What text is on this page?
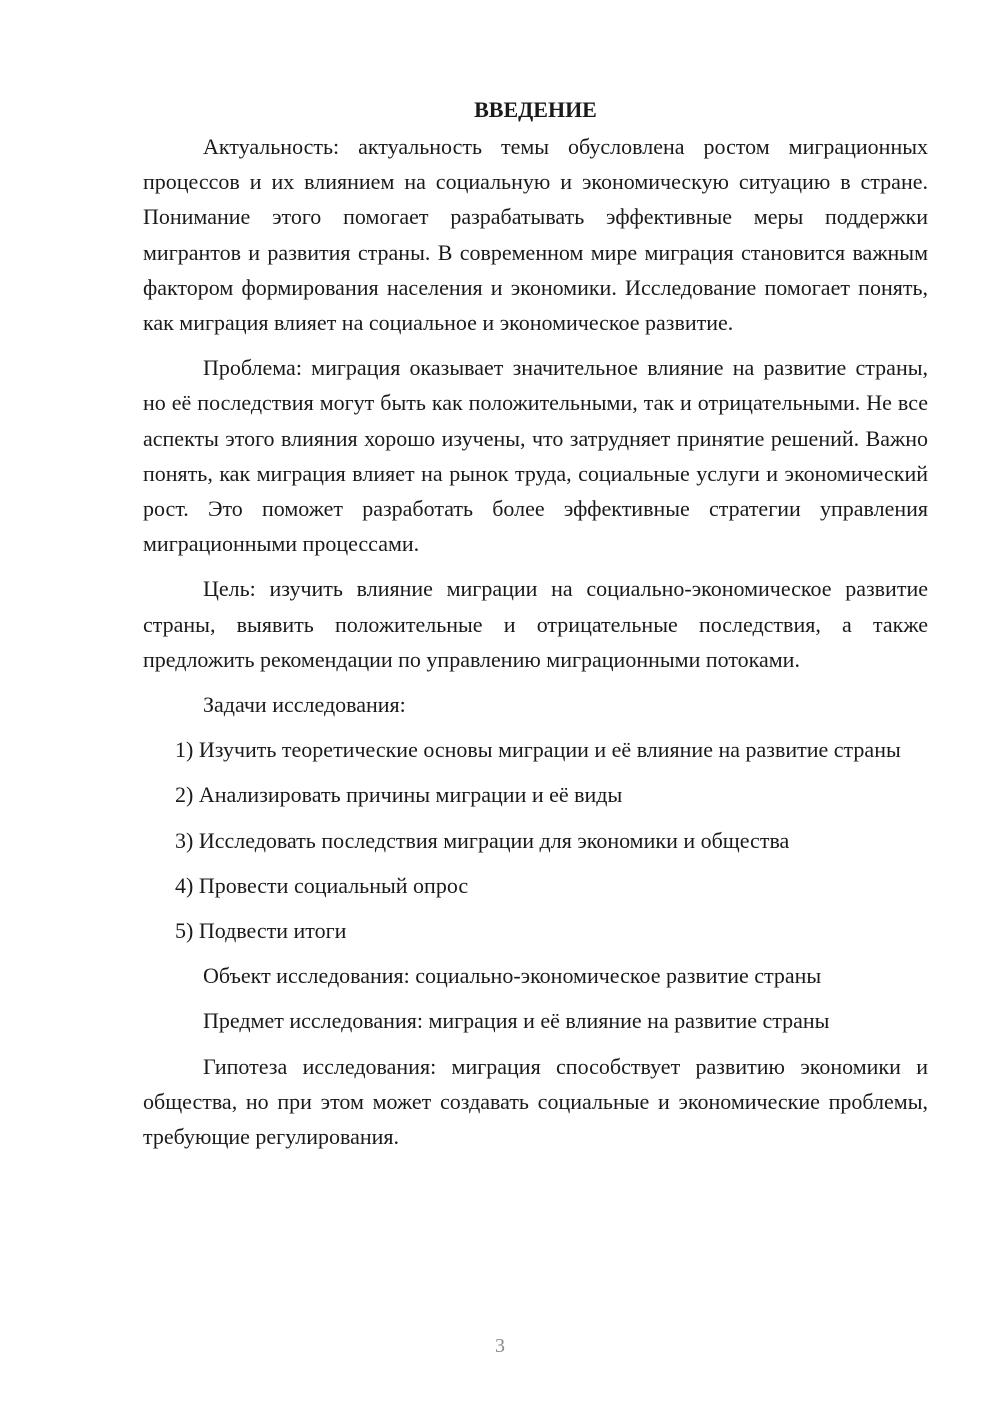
ВВЕДЕНИЕ

Актуальность: актуальность темы обусловлена ростом миграционных процессов и их влиянием на социальную и экономическую ситуацию в стране. Понимание этого помогает разрабатывать эффективные меры поддержки мигрантов и развития страны. В современном мире миграция становится важным фактором формирования населения и экономики. Исследование помогает понять, как миграция влияет на социальное и экономическое развитие.

Проблема: миграция оказывает значительное влияние на развитие страны, но её последствия могут быть как положительными, так и отрицательными. Не все аспекты этого влияния хорошо изучены, что затрудняет принятие решений. Важно понять, как миграция влияет на рынок труда, социальные услуги и экономический рост. Это поможет разработать более эффективные стратегии управления миграционными процессами.

Цель: изучить влияние миграции на социально-экономическое развитие страны, выявить положительные и отрицательные последствия, а также предложить рекомендации по управлению миграционными потоками.

Задачи исследования:

1) Изучить теоретические основы миграции и её влияние на развитие страны

2) Анализировать причины миграции и её виды

3) Исследовать последствия миграции для экономики и общества

4) Провести социальный опрос

5) Подвести итоги

Объект исследования: социально-экономическое развитие страны

Предмет исследования: миграция и её влияние на развитие страны

Гипотеза исследования: миграция способствует развитию экономики и общества, но при этом может создавать социальные и экономические проблемы, требующие регулирования.

3
